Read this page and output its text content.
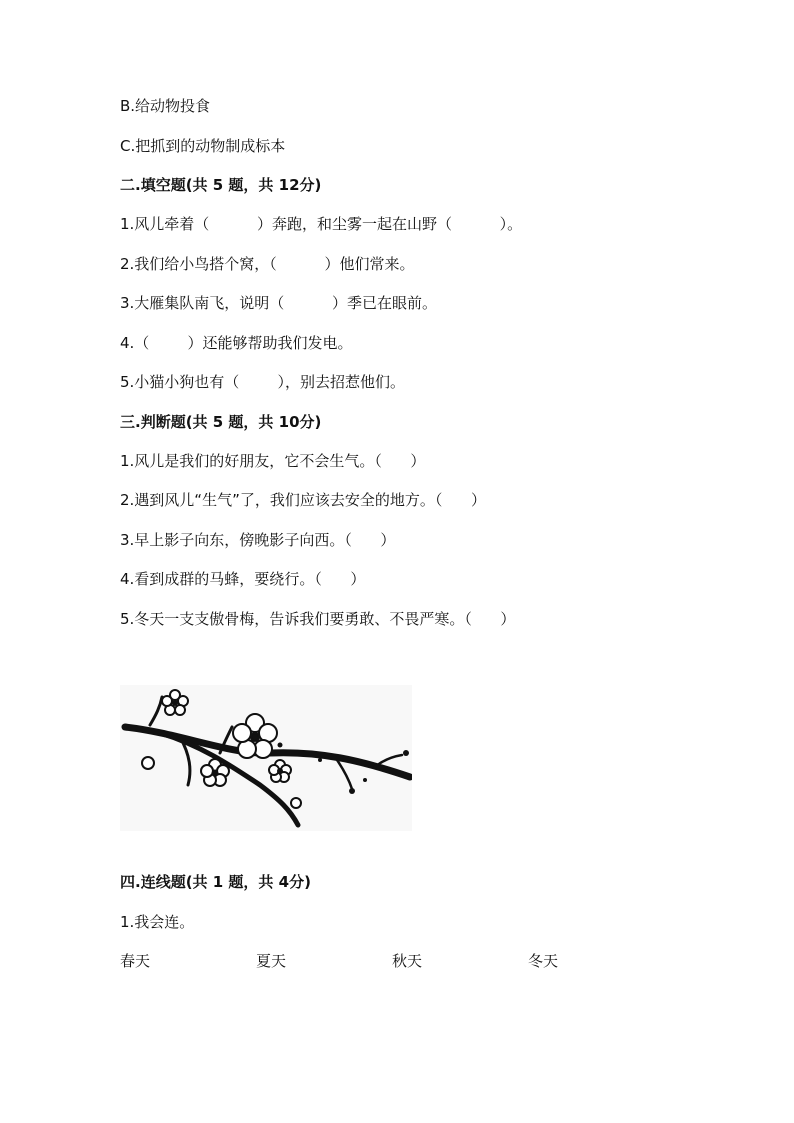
B.给动物投食
C.把抓到的动物制成标本
二.填空题(共 5 题，共 12分)
1.风儿牵着（          ）奔跑，和尘雾一起在山野（          ）。
2.我们给小鸟搭个窝，（          ）他们常来。
3.大雁集队南飞，说明（          ）季已在眼前。
4.（        ）还能够帮助我们发电。
5.小猫小狗也有（        ），别去招惹他们。
三.判断题(共 5 题，共 10分)
1.风儿是我们的好朋友，它不会生气。（      ）
2.遇到风儿“生气”了，我们应该去安全的地方。（      ）
3.早上影子向东，傍晚影子向西。（      ）
4.看到成群的马蜂，要绕行。（      ）
5.冬天一支支傲骨梅，告诉我们要勇敢、不畏严寒。（      ）
四.连线题(共 1 题，共 4分)
1.我会连。
春天	夏天	秋天	冬天
